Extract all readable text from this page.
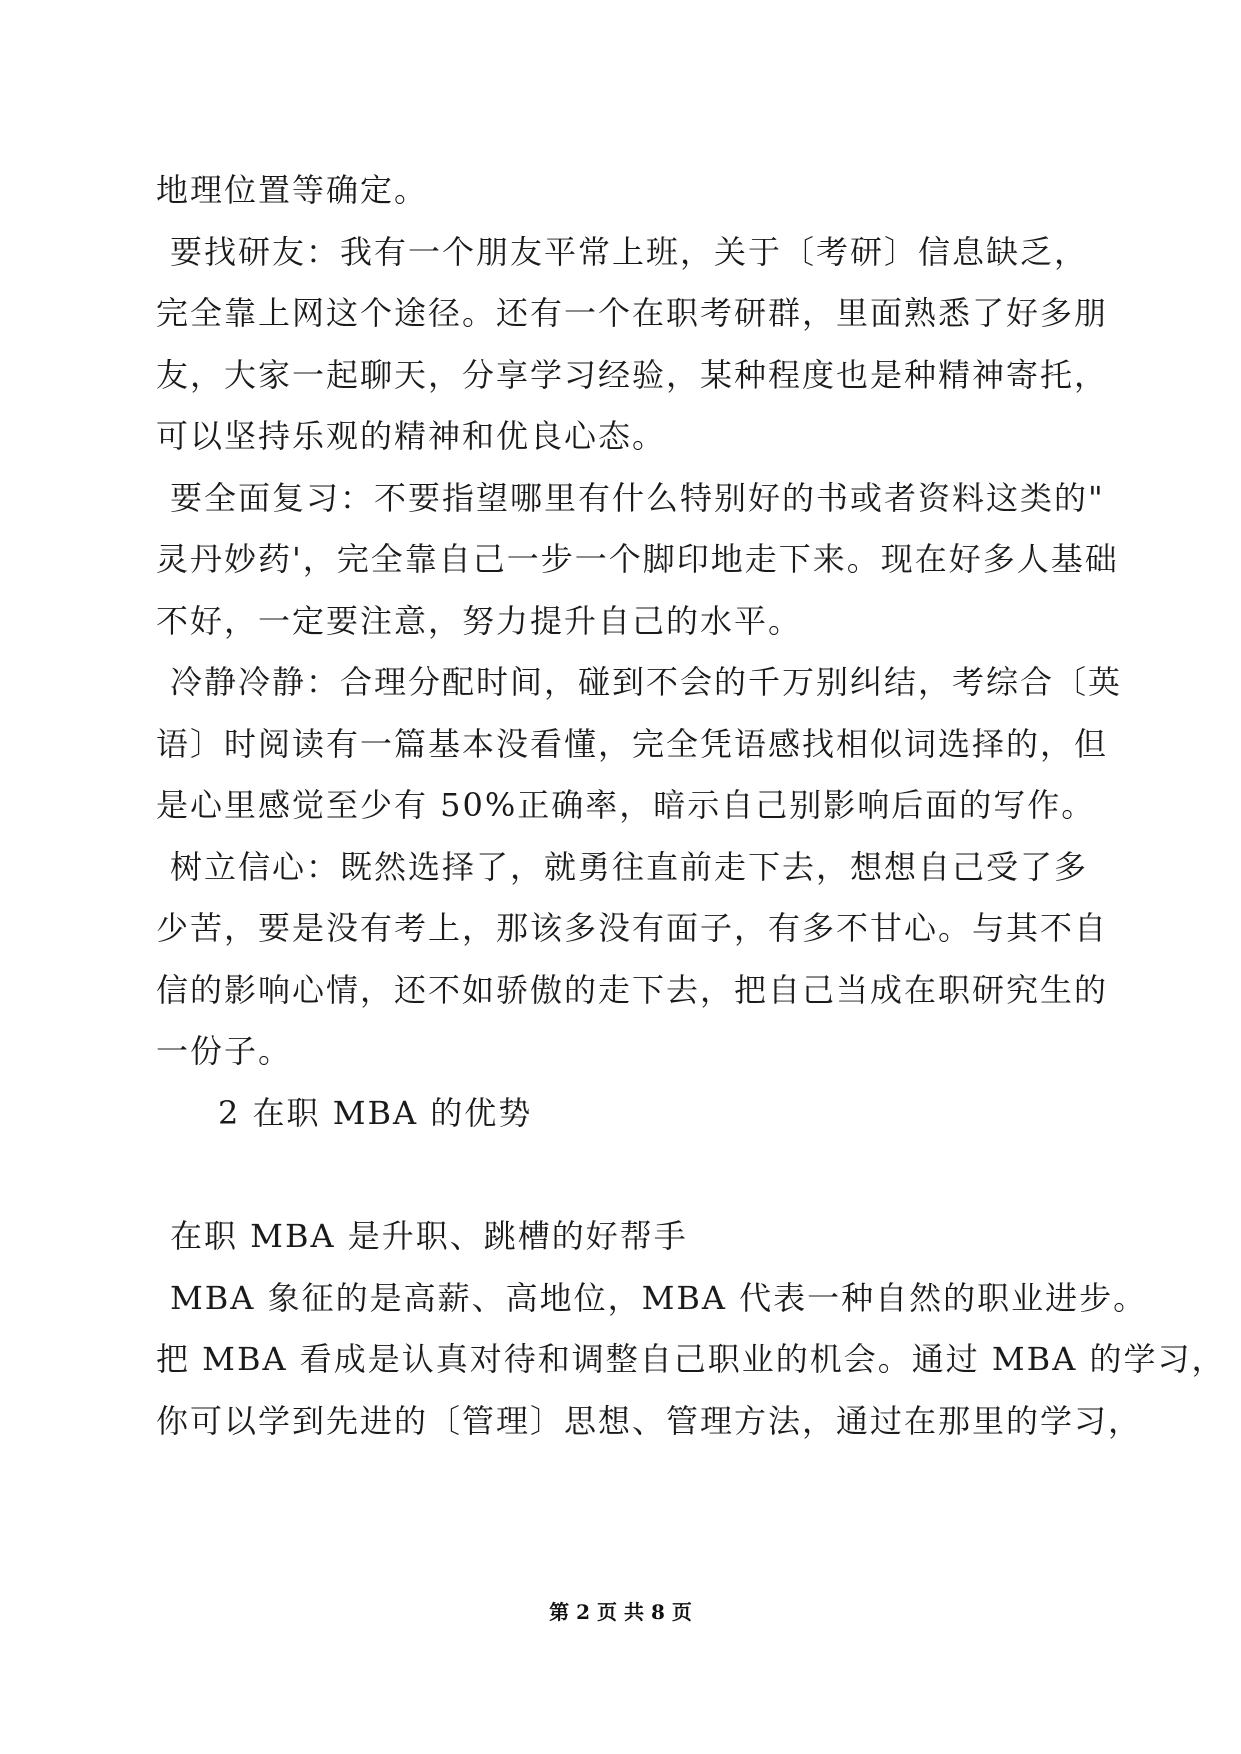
地理位置等确定。
要找研友：我有一个朋友平常上班，关于〔考研〕信息缺乏，
完全靠上网这个途径。还有一个在职考研群，里面熟悉了好多朋
友，大家一起聊天，分享学习经验，某种程度也是种精神寄托，
可以坚持乐观的精神和优良心态。
要全面复习：不要指望哪里有什么特别好的书或者资料这类的"
灵丹妙药'，完全靠自己一步一个脚印地走下来。现在好多人基础
不好，一定要注意，努力提升自己的水平。
冷静冷静：合理分配时间，碰到不会的千万别纠结，考综合〔英
语〕时阅读有一篇基本没看懂，完全凭语感找相似词选择的，但
是心里感觉至少有 50%正确率，暗示自己别影响后面的写作。
树立信心：既然选择了，就勇往直前走下去，想想自己受了多
少苦，要是没有考上，那该多没有面子，有多不甘心。与其不自
信的影响心情，还不如骄傲的走下去，把自己当成在职研究生的
一份子。
2 在职 MBA 的优势
在职 MBA 是升职、跳槽的好帮手
MBA 象征的是高薪、高地位，MBA 代表一种自然的职业进步。
把 MBA 看成是认真对待和调整自己职业的机会。通过 MBA 的学习，
你可以学到先进的〔管理〕思想、管理方法，通过在那里的学习，
第 2 页 共 8 页
